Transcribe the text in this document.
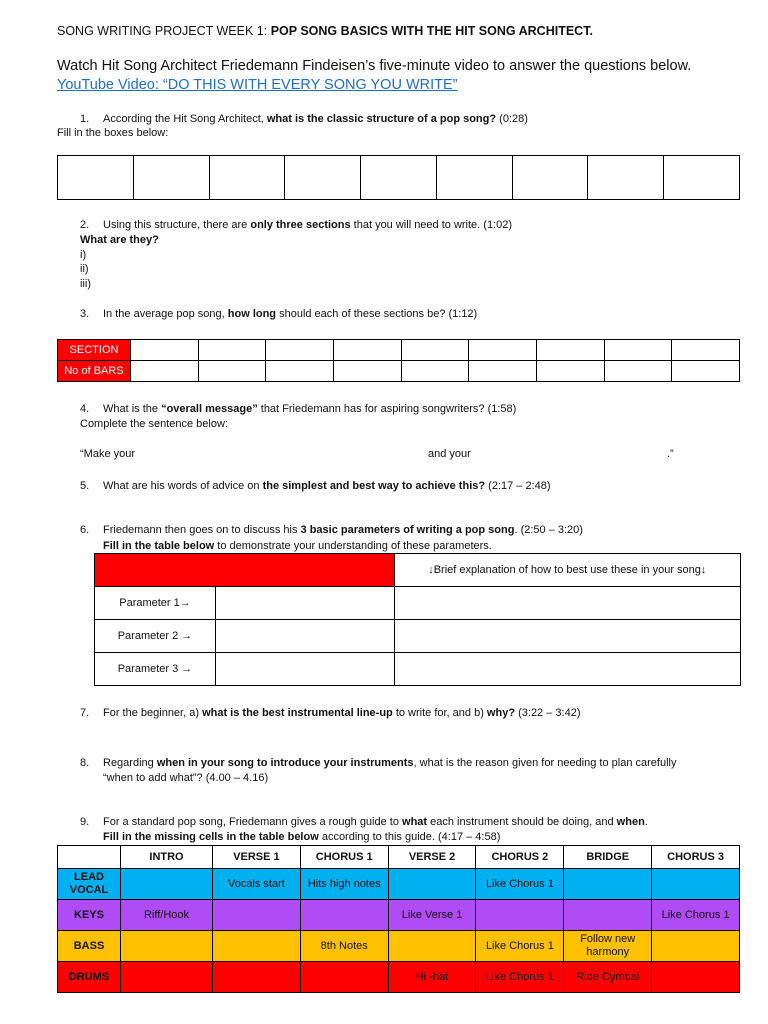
SONG WRITING PROJECT WEEK 1: POP SONG BASICS WITH THE HIT SONG ARCHITECT.
Watch Hit Song Architect Friedemann Findeisen’s five-minute video to answer the questions below.
YouTube Video: “DO THIS WITH EVERY SONG YOU WRITE”
1. According the Hit Song Architect, what is the classic structure of a pop song? (0:28)
Fill in the boxes below:

2. Using this structure, there are only three sections that you will need to write. (1:02)
What are they?
i)
ii)
iii)
3. In the average pop song, how long should each of these sections be? (1:12)
SECTION									
No of BARS									
4. What is the “overall message” that Friedemann has for aspiring songwriters? (1:58)
Complete the sentence below:
“Make your	and your	.”
5. What are his words of advice on the simplest and best way to achieve this? (2:17 – 2:48)
6. Friedemann then goes on to discuss his 3 basic parameters of writing a pop song. (2:50 – 3:20)
Fill in the table below to demonstrate your understanding of these parameters.
		↓Brief explanation of how to best use these in your song↓
Parameter 1→		
Parameter 2 →		
Parameter 3 →		
7. For the beginner, a) what is the best instrumental line-up to write for, and b) why? (3:22 – 3:42)
8. Regarding when in your song to introduce your instruments, what is the reason given for needing to plan carefully
“when to add what”? (4.00 – 4.16)
9. For a standard pop song, Friedemann gives a rough guide to what each instrument should be doing, and when.
Fill in the missing cells in the table below according to this guide. (4:17 – 4:58)
	INTRO	VERSE 1	CHORUS 1	VERSE 2	CHORUS 2	BRIDGE	CHORUS 3
LEAD VOCAL		Vocals start	Hits high notes		Like Chorus 1		
KEYS	Riff/Hook			Like Verse 1			Like Chorus 1
BASS			8th Notes		Like Chorus 1	Follow new harmony	
DRUMS				Hi -hat	Like Chorus 1	Ride Cymbal	
